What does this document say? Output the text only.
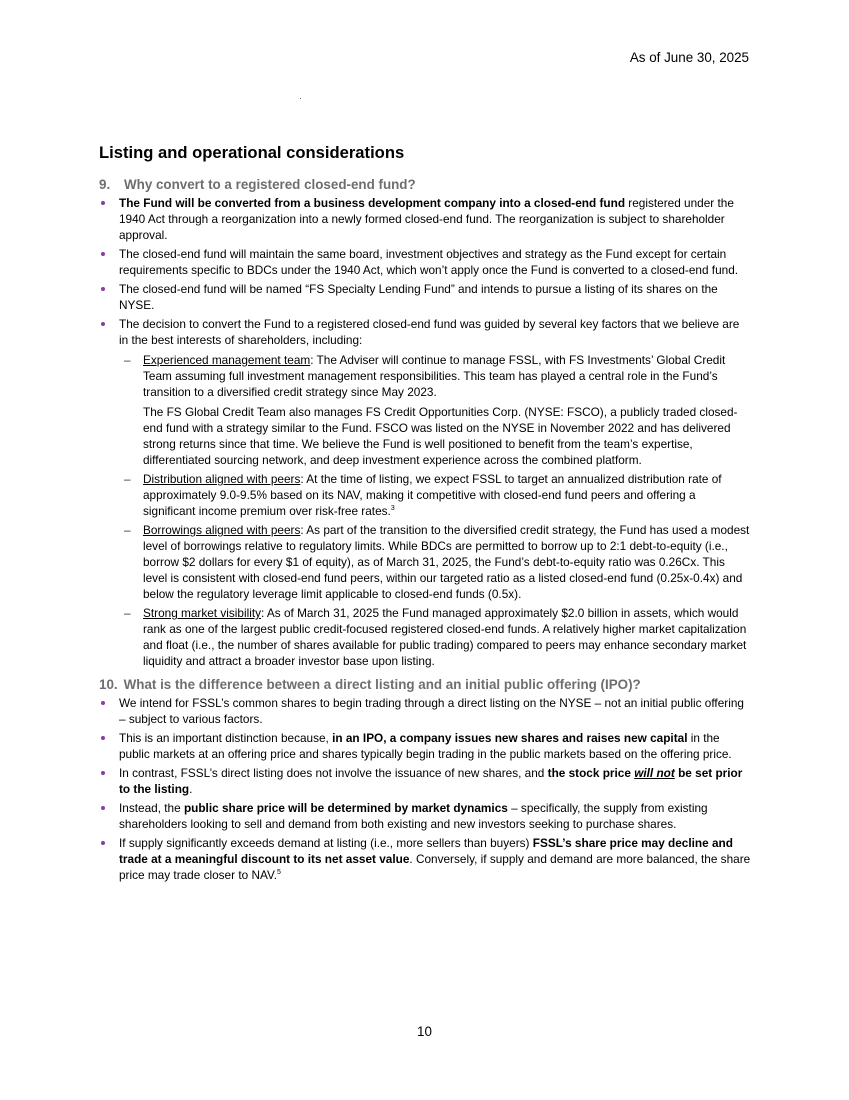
As of June 30, 2025
Listing and operational considerations
9. Why convert to a registered closed-end fund?
The Fund will be converted from a business development company into a closed-end fund registered under the 1940 Act through a reorganization into a newly formed closed-end fund. The reorganization is subject to shareholder approval.
The closed-end fund will maintain the same board, investment objectives and strategy as the Fund except for certain requirements specific to BDCs under the 1940 Act, which won’t apply once the Fund is converted to a closed-end fund.
The closed-end fund will be named “FS Specialty Lending Fund” and intends to pursue a listing of its shares on the NYSE.
The decision to convert the Fund to a registered closed-end fund was guided by several key factors that we believe are in the best interests of shareholders, including:
– Experienced management team: The Adviser will continue to manage FSSL, with FS Investments’ Global Credit Team assuming full investment management responsibilities. This team has played a central role in the Fund’s transition to a diversified credit strategy since May 2023.
The FS Global Credit Team also manages FS Credit Opportunities Corp. (NYSE: FSCO), a publicly traded closed-end fund with a strategy similar to the Fund. FSCO was listed on the NYSE in November 2022 and has delivered strong returns since that time. We believe the Fund is well positioned to benefit from the team’s expertise, differentiated sourcing network, and deep investment experience across the combined platform.
– Distribution aligned with peers: At the time of listing, we expect FSSL to target an annualized distribution rate of approximately 9.0-9.5% based on its NAV, making it competitive with closed-end fund peers and offering a significant income premium over risk-free rates.$^3$
– Borrowings aligned with peers: As part of the transition to the diversified credit strategy, the Fund has used a modest level of borrowings relative to regulatory limits. While BDCs are permitted to borrow up to 2:1 debt-to-equity (i.e., borrow $2 dollars for every $1 of equity), as of March 31, 2025, the Fund’s debt-to-equity ratio was 0.26Cx. This level is consistent with closed-end fund peers, within our targeted ratio as a listed closed-end fund (0.25x-0.4x) and below the regulatory leverage limit applicable to closed-end funds (0.5x).
– Strong market visibility: As of March 31, 2025 the Fund managed approximately $2.0 billion in assets, which would rank as one of the largest public credit-focused registered closed-end funds. A relatively higher market capitalization and float (i.e., the number of shares available for public trading) compared to peers may enhance secondary market liquidity and attract a broader investor base upon listing.
10. What is the difference between a direct listing and an initial public offering (IPO)?
We intend for FSSL’s common shares to begin trading through a direct listing on the NYSE – not an initial public offering – subject to various factors.
This is an important distinction because, in an IPO, a company issues new shares and raises new capital in the public markets at an offering price and shares typically begin trading in the public markets based on the offering price.
In contrast, FSSL’s direct listing does not involve the issuance of new shares, and the stock price will not be set prior to the listing.
Instead, the public share price will be determined by market dynamics – specifically, the supply from existing shareholders looking to sell and demand from both existing and new investors seeking to purchase shares.
If supply significantly exceeds demand at listing (i.e., more sellers than buyers) FSSL’s share price may decline and trade at a meaningful discount to its net asset value. Conversely, if supply and demand are more balanced, the share price may trade closer to NAV.$^5$
10
